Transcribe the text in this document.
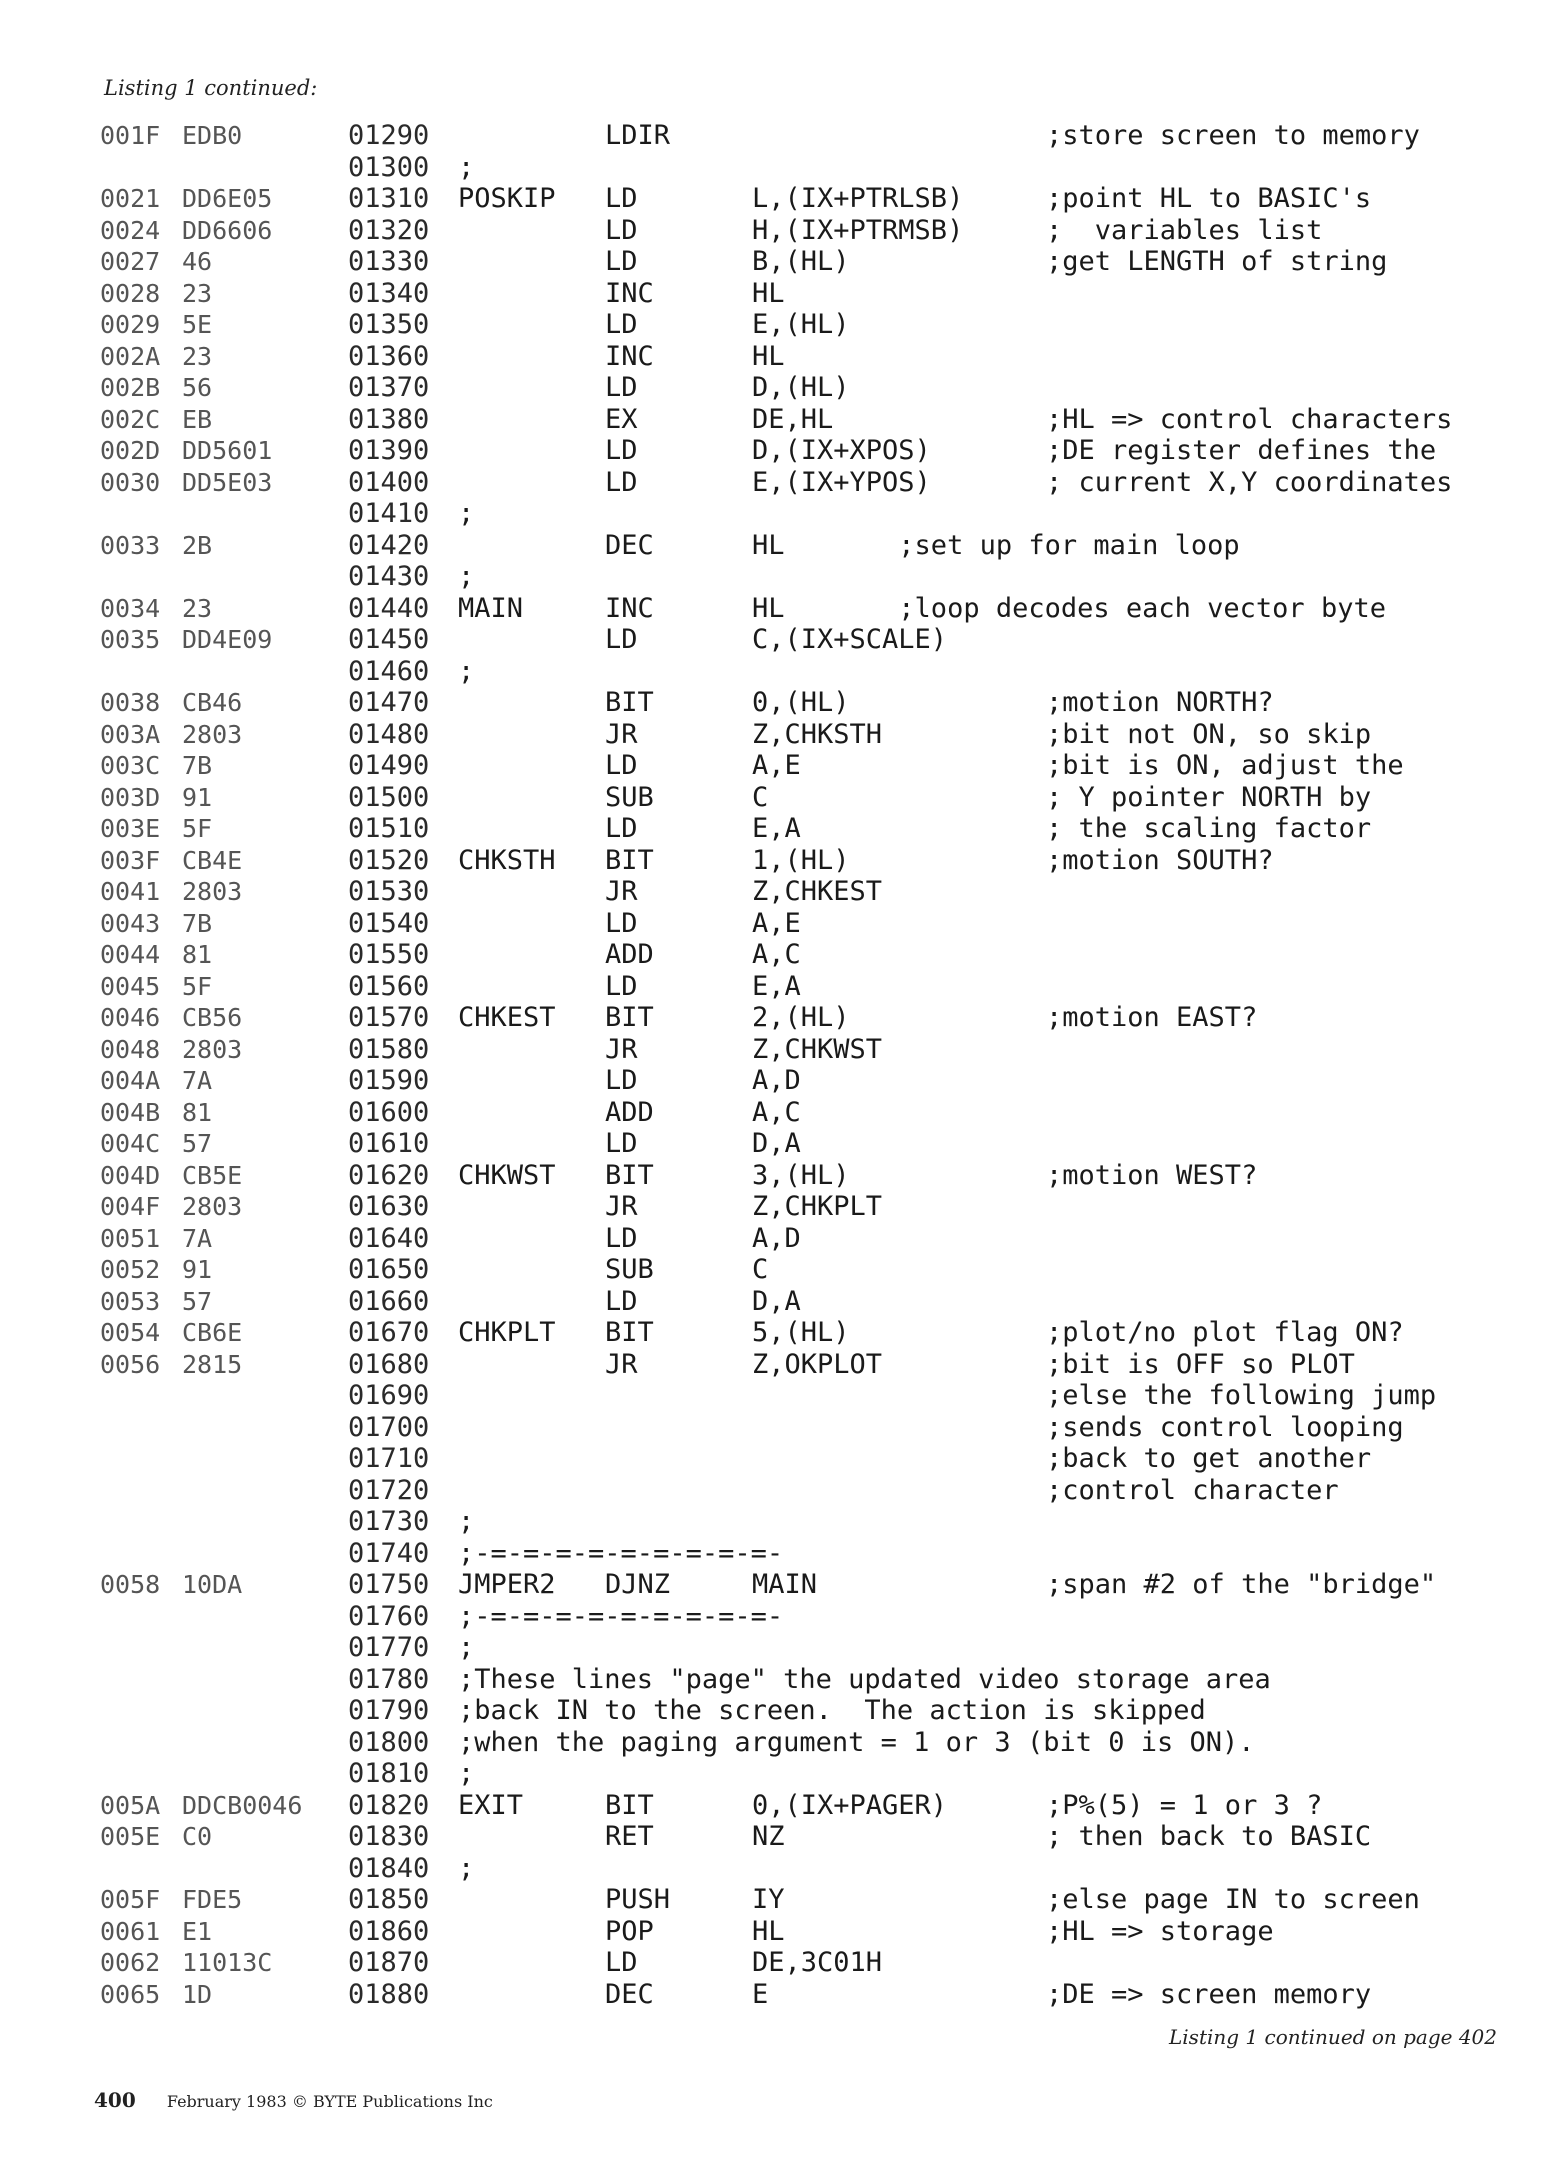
Listing 1 continued:
001F EDB0	01290	LDIR	;store screen to memory
01300 ;
0021 DD6E05	01310 POSKIP LD	L,(IX+PTRLSB)	;point HL to BASIC's
0024 DD6606	01320	LD	H,(IX+PTRMSB)	;  variables list
0027 46	01330	LD	B,(HL)	;get LENGTH of string
0028 23	01340	INC	HL
0029 5E	01350	LD	E,(HL)
002A 23	01360	INC	HL
002B 56	01370	LD	D,(HL)
002C EB	01380	EX	DE,HL	;HL => control characters
002D DD5601	01390	LD	D,(IX+XPOS)	;DE register defines the
0030 DD5E03	01400	LD	E,(IX+YPOS)	; current X,Y coordinates
01410 ;
0033 2B	01420	DEC	HL       ;set up for main loop
01430 ;
0034 23	01440 MAIN	INC	HL       ;loop decodes each vector byte
0035 DD4E09	01450	LD	C,(IX+SCALE)
01460 ;
0038 CB46	01470	BIT	0,(HL)	;motion NORTH?
003A 2803	01480	JR	Z,CHKSTH	;bit not ON, so skip
003C 7B	01490	LD	A,E	;bit is ON, adjust the
003D 91	01500	SUB	C	; Y pointer NORTH by
003E 5F	01510	LD	E,A	; the scaling factor
003F CB4E	01520 CHKSTH BIT	1,(HL)	;motion SOUTH?
0041 2803	01530	JR	Z,CHKEST
0043 7B	01540	LD	A,E
0044 81	01550	ADD	A,C
0045 5F	01560	LD	E,A
0046 CB56	01570 CHKEST BIT	2,(HL)	;motion EAST?
0048 2803	01580	JR	Z,CHKWST
004A 7A	01590	LD	A,D
004B 81	01600	ADD	A,C
004C 57	01610	LD	D,A
004D CB5E	01620 CHKWST BIT	3,(HL)	;motion WEST?
004F 2803	01630	JR	Z,CHKPLT
0051 7A	01640	LD	A,D
0052 91	01650	SUB	C
0053 57	01660	LD	D,A
0054 CB6E	01670 CHKPLT BIT	5,(HL)	;plot/no plot flag ON?
0056 2815	01680	JR	Z,OKPLOT	;bit is OFF so PLOT
01690	;else the following jump
01700	;sends control looping
01710	;back to get another
01720	;control character
01730 ;
01740 ;-=-=-=-=-=-=-=-=-=-
0058 10DA	01750 JMPER2 DJNZ	MAIN	;span #2 of the "bridge"
01760 ;-=-=-=-=-=-=-=-=-=-
01770 ;
01780 ;These lines "page" the updated video storage area
01790 ;back IN to the screen.  The action is skipped
01800 ;when the paging argument = 1 or 3 (bit 0 is ON).
01810 ;
005A DDCB0046 01820 EXIT	BIT	0,(IX+PAGER)	;P%(5) = 1 or 3 ?
005E C0	01830	RET	NZ	; then back to BASIC
01840 ;
005F FDE5	01850	PUSH	IY	;else page IN to screen
0061 E1	01860	POP	HL	;HL => storage
0062 11013C	01870	LD	DE,3C01H
0065 1D	01880	DEC	E	;DE => screen memory
Listing 1 continued on page 402
400 February 1983 © BYTE Publications Inc
